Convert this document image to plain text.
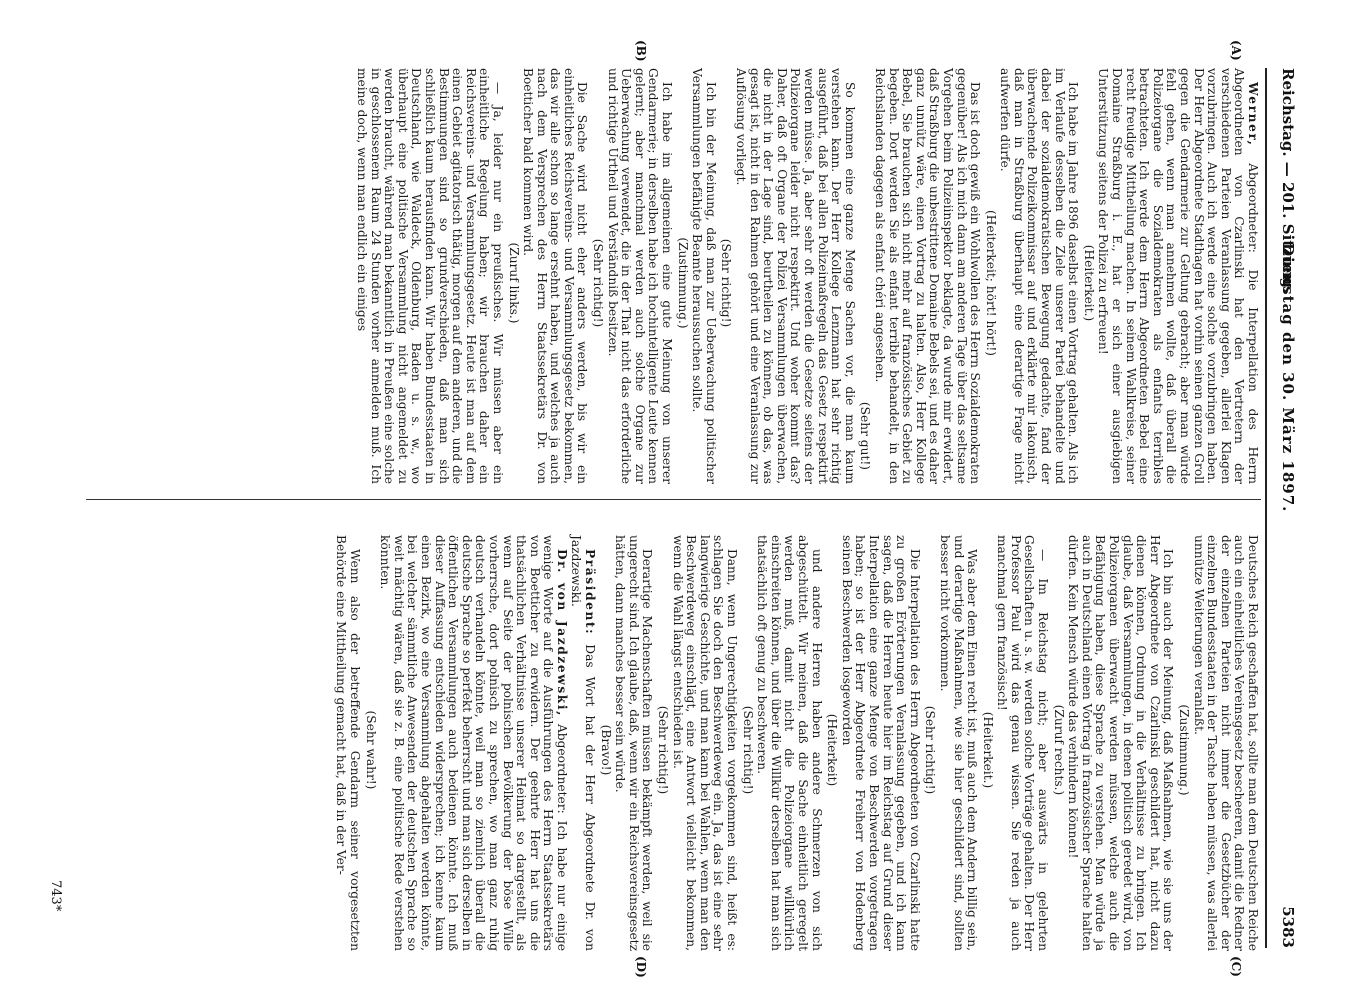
Reichstag. — 201. Sitzung.
Dienstag den 30. März 1897.
5383
(A)
(B)
(C)
(D)

Werner, Abgeordneter: Die Interpellation des Herrn Abgeordneten von Czarlinski hat den Vertretern der verschiedenen Parteien Veranlassung gegeben, allerlei Klagen vorzubringen. Auch ich werde eine solche vorzubringen haben. Der Herr Abgeordnete Stadthagen hat vorhin seinen ganzen Groll gegen die Gendarmerie zur Geltung gebracht; aber man würde fehl gehen, wenn man annehmen wollte, daß überall die Polizeiorgane die Sozialdemokraten als enfants terribles betrachteten. Ich werde dem Herrn Abgeordneten Bebel eine recht freudige Mittheilung machen. In seinem Wahlkreise, seiner Domaine Straßburg i. E., hat er sich einer ausgiebigen Unterstützung seitens der Polizei zu erfreuen!

(Heiterkeit.)

Ich habe im Jahre 1896 daselbst einen Vortrag gehalten. Als ich im Verlaufe desselben die Ziele unserer Partei behandelte und dabei der sozialdemokratischen Bewegung gedachte, fand der überwachende Polizeikommissar auf und erklärte mir lakonisch, daß man in Straßburg überhaupt eine derartige Frage nicht aufwerfen dürfe.

(Heiterkeit; hört! hört!)

Das ist doch gewiß ein Wohlwollen des Herrn Sozialdemokraten gegenüber! Als ich mich dann am anderen Tage über das seltsame Vorgehen beim Polizeiinspektor beklagte, da wurde mir erwidert, daß Straßburg die unbestrittene Domaine Bebels sei, und es daher ganz unnütz wäre, einen Vortrag zu halten. Also, Herr Kollege Bebel, Sie brauchen sich nicht mehr auf französisches Gebiet zu begeben. Dort werden Sie als enfant terrible behandelt, in den Reichslanden dagegen als enfant chéri angesehen.

(Sehr gut!)

So kommen eine ganze Menge Sachen vor, die man kaum verstehen kann. Der Herr Kollege Lenzmann hat sehr richtig ausgeführt, daß bei allen Polizeimaßregeln das Gesetz respektirt werden müsse. Ja, aber sehr oft werden die Gesetze seitens der Polizeiorgane leider nicht respektirt. Und woher kommt das? Daher, daß oft Organe der Polizei Versammlungen überwachen, die nicht in der Lage sind, beurtheilen zu können, ob das, was gesagt ist, nicht in den Rahmen gehört und eine Veranlassung zur Auflösung vorliegt.

(Sehr richtig!)

Ich bin der Meinung, daß man zur Ueberwachung politischer Versammlungen befähigte Beamte heraussuchen sollte.

(Zustimmung.)

Ich habe im allgemeinen eine gute Meinung von unserer Gendarmerie; in derselben habe ich hochintelligente Leute kennen gelernt; aber manchmal werden auch solche Organe zur Ueberwachung verwendet, die in der That nicht das erforderliche und richtige Urtheil und Verständniß besitzen.

(Sehr richtig!)

Die Sache wird nicht eher anders werden, bis wir ein einheitliches Reichsvereins- und Versammlungsgesetz bekommen, das wir alle schon so lange ersehnt haben, und welches ja auch nach dem Versprechen des Herrn Staatssekretärs Dr. von Boetticher bald kommen wird.

(Zuruf links.)

— Ja, leider nur ein preußisches. Wir müssen aber ein einheitliche Regelung haben; wir brauchen daher ein Reichsvereins- und Versammlungsgesetz. Heute ist man auf dem einen Gebiet agitatorisch thätig, morgen auf dem anderen, und die Bestimmungen sind so grundverschieden, daß man sich schließlich kaum herausfinden kann. Wir haben Bundesstaaten in Deutschland, wie Waldeck, Oldenburg, Baden u. s. w., wo überhaupt eine politische Versammlung nicht angemeldet zu werden braucht, während man bekanntlich in Preußen eine solche in geschlossenem Raum 24 Stunden vorher anmelden muß. Ich meine doch, wenn man endlich ein einiges

Deutsches Reich geschaffen hat, sollte man dem Deutschen Reiche auch ein einheitliches Vereinsgesetz bescheeren, damit die Redner der einzelnen Parteien nicht immer die Gesetzbücher der einzelnen Bundesstaaten in der Tasche haben müssen, was allerlei unnütze Weiterungen veranlaßt.

(Zustimmung.)

Ich bin auch der Meinung, daß Maßnahmen, wie sie uns der Herr Abgeordnete von Czarlinski geschildert hat, nicht dazu dienen können, Ordnung in die Verhältnisse zu bringen. Ich glaube, daß Versammlungen, in denen politisch geredet wird, von Polizeiorganen überwacht werden müssen, welche auch die Befähigung haben, diese Sprache zu verstehen. Man würde ja auch in Deutschland einen Vortrag in französischer Sprache halten dürfen. Kein Mensch würde das verhindern können!

(Zuruf rechts.)

— Im Reichstag nicht; aber auswärts in gelehrten Gesellschaften u. s. w. werden solche Vorträge gehalten. Der Herr Professor Paul wird das genau wissen. Sie reden ja auch manchmal gern französisch!

(Heiterkeit.)

Was aber dem Einen recht ist, muß auch dem Andern billig sein, und derartige Maßnahmen, wie sie hier geschildert sind, sollten besser nicht vorkommen.

(Sehr richtig!)

Die Interpellation des Herrn Abgeordneten von Czarlinski hatte zu großen Erörterungen Veranlassung gegeben, und ich kann sagen, daß die Herren heute hier im Reichstag auf Grund dieser Interpellation eine ganze Menge von Beschwerden vorgetragen haben; so ist der Herr Abgeordnete Freiherr von Hodenberg seinen Beschwerden losgeworden

(Heiterkeit)

und andere Herren haben andere Schmerzen von sich abgeschüttelt. Wir meinen, daß die Sache einheitlich geregelt werden muß, damit nicht die Polizeiorgane willkürlich einschreiten können, und über die Willkür derselben hat man sich thatsächlich oft genug zu beschweren.

(Sehr richtig!)

Dann, wenn Ungerechtigkeiten vorgekommen sind, heißt es: schlagen Sie doch den Beschwerdeweg ein. Ja, das ist eine sehr langwierige Geschichte, und man kann bei Wahlen, wenn man den Beschwerdeweg einschlägt, eine Antwort vielleicht bekommen, wenn die Wahl längst entschieden ist.

(Sehr richtig!)

Derartige Machenschaften müssen bekämpft werden, weil sie ungerecht sind. Ich glaube, daß, wenn wir ein Reichsvereinsgesetz hätten, dann manches besser sein würde.

(Bravo!)

Präsident: Das Wort hat der Herr Abgeordnete Dr. von Jazdzewski.

Dr. von Jazdzewski, Abgeordneter: Ich habe nur einige wenige Worte auf die Ausführungen des Herrn Staatssekretärs von Boetticher zu erwidern. Der geehrte Herr hat uns die thatsächlichen Verhältnisse unserer Heimat so dargestellt, als wenn auf Seite der polnischen Bevölkerung der böse Wille vorherrsche, dort polnisch zu sprechen, wo man ganz ruhig deutsch verhandeln könnte, weil man so ziemlich überall die deutsche Sprache so perfekt beherrscht und man sich derselben in öffentlichen Versammlungen auch bedienen könnte. Ich muß dieser Auffassung entschieden widersprechen; ich kenne kaum einen Bezirk, wo eine Versammlung abgehalten werden könnte, bei welcher sämmtliche Anwesenden der deutschen Sprache so weit mächtig wären, daß sie z. B. eine politische Rede verstehen könnten.

(Sehr wahr!)

Wenn also der betreffende Gendarm seiner vorgesetzten Behörde eine Mittheilung gemacht hat, daß in der Ver-

743*
